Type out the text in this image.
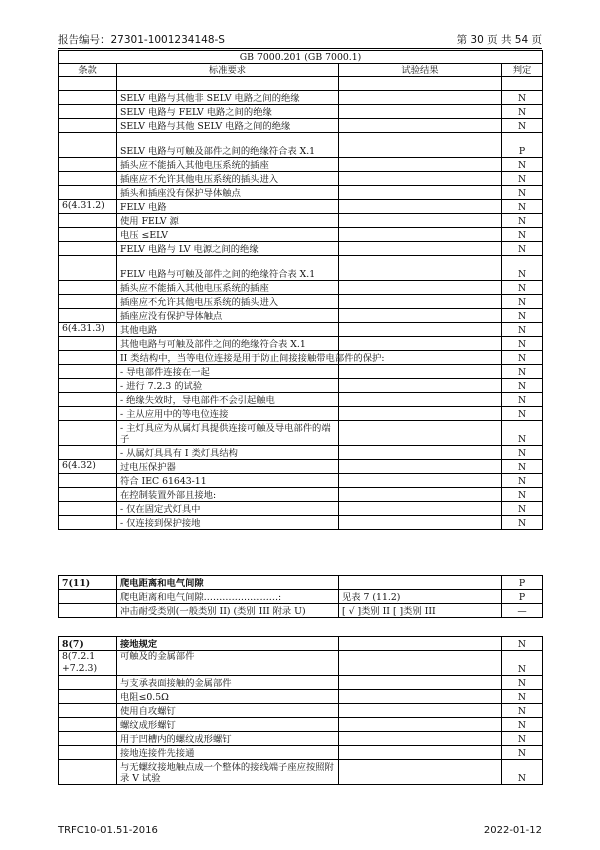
报告编号：27301-1001234148-S	第 30 页 共 54 页
GB 7000.201 (GB 7000.1)			
条款	标准要求	试验结果	判定

	SELV 电路与其他非 SELV 电路之间的绝缘		N
	SELV 电路与 FELV 电路之间的绝缘		N
	SELV 电路与其他 SELV 电路之间的绝缘		N
	SELV 电路与可触及部件之间的绝缘符合表 X.1		P
	插头应不能插入其他电压系统的插座		N
	插座应不允许其他电压系统的插头进入		N
	插头和插座没有保护导体触点		N
6(4.31.2)	FELV 电路		N
	使用 FELV 源		N
	电压 ≤ELV		N
	FELV 电路与 LV 电源之间的绝缘		N
	FELV 电路与可触及部件之间的绝缘符合表 X.1		N
	插头应不能插入其他电压系统的插座		N
	插座应不允许其他电压系统的插头进入		N
	插座应没有保护导体触点		N
6(4.31.3)	其他电路		N
	其他电路与可触及部件之间的绝缘符合表 X.1		N
	II 类结构中，当等电位连接是用于防止间接接触带电部件的保护:		N
	- 导电部件连接在一起		N
	- 进行 7.2.3 的试验		N
	- 绝缘失效时，导电部件不会引起触电		N
	- 主从应用中的等电位连接		N
	- 主灯具应为从属灯具提供连接可触及导电部件的端子		N
	- 从属灯具具有 I 类灯具结构		N
6(4.32)	过电压保护器		N
	符合 IEC 61643-11		N
	在控制装置外部且接地:		N
	- 仅在固定式灯具中		N
	- 仅连接到保护接地		N
7(11)	爬电距离和电气间隙		P
	爬电距离和电气间隙……………………:	见表 7 (11.2)	P
	冲击耐受类别(一般类别 II) (类别 III 附录 U)	[ √ ]类别 II [ ]类别 III	—
8(7)	接地规定		N
8(7.2.1 +7.2.3)	可触及的金属部件		N
	与支承表面接触的金属部件		N
	电阻≤0.5Ω		N
	使用自攻螺钉		N
	螺纹成形螺钉		N
	用于凹槽内的螺纹成形螺钉		N
	接地连接件先接通		N
	与无螺纹接地触点成一个整体的接线端子座应按照附录 V 试验		N
TRFC10-01.51-2016	2022-01-12
